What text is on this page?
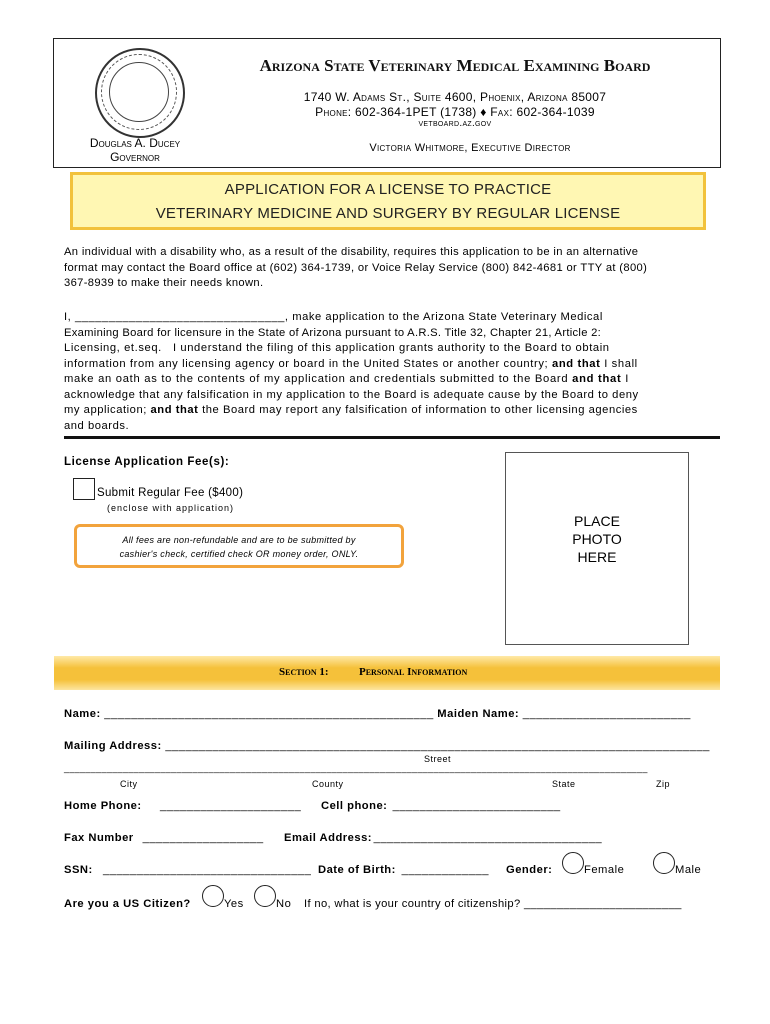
Arizona State Veterinary Medical Examining Board
1740 W. Adams St., Suite 4600, Phoenix, Arizona 85007
Phone: 602-364-1PET (1738) ♦ Fax: 602-364-1039
vetboard.az.gov
Douglas A. Ducey
Governor
Victoria Whitmore, Executive Director
APPLICATION FOR A LICENSE TO PRACTICE
VETERINARY MEDICINE AND SURGERY BY REGULAR LICENSE
An individual with a disability who, as a result of the disability, requires this application to be in an alternative
format may contact the Board office at (602) 364-1739, or Voice Relay Service (800) 842-4681 or TTY at (800)
367-8939 to make their needs known.
I, _______________________________, make application to the Arizona State Veterinary Medical
Examining Board for licensure in the State of Arizona pursuant to A.R.S. Title 32, Chapter 21, Article 2:
Licensing, et.seq.   I understand the filing of this application grants authority to the Board to obtain
information from any licensing agency or board in the United States or another country; and that I shall
make an oath as to the contents of my application and credentials submitted to the Board and that I
acknowledge that any falsification in my application to the Board is adequate cause by the Board to deny
my application; and that the Board may report any falsification of information to other licensing agencies
and boards.
License Application Fee(s):
Submit Regular Fee ($400)
(enclose with application)
All fees are non-refundable and are to be submitted by
cashier's check, certified check OR money order, ONLY.
PLACE
PHOTO
HERE
Section 1:	Personal Information
Name: _________________________________________________ Maiden Name: _________________________
Mailing Address: _________________________________________________________________________________
Street
_____________________________________________________________________________________________________________
City	County	State	Zip
Home Phone: _____________________ Cell phone: _________________________
Fax Number __________________ Email Address:
__________________________________
SSN: _______________________________ Date of Birth: _____________ Gender:	Female	Male
Are you a US Citizen?	Yes	No If no, what is your country of citizenship? ________________________
